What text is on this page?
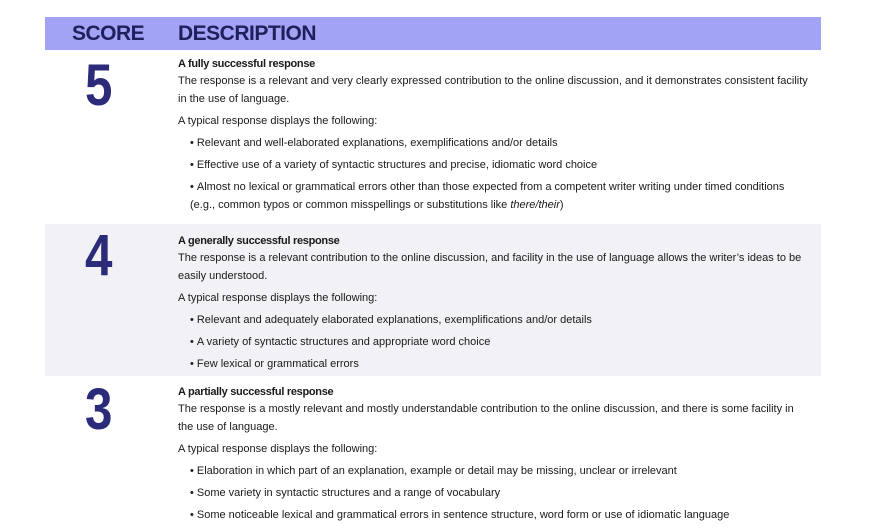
SCORE DESCRIPTION
5	A fully successful response
The response is a relevant and very clearly expressed contribution to the online discussion, and it demonstrates consistent facility in the use of language.
A typical response displays the following:
• Relevant and well-elaborated explanations, exemplifications and/or details
• Effective use of a variety of syntactic structures and precise, idiomatic word choice
• Almost no lexical or grammatical errors other than those expected from a competent writer writing under timed conditions
(e.g., common typos or common misspellings or substitutions like there/their)
4	A generally successful response
The response is a relevant contribution to the online discussion, and facility in the use of language allows the writer’s ideas to be easily understood.
A typical response displays the following:
• Relevant and adequately elaborated explanations, exemplifications and/or details
• A variety of syntactic structures and appropriate word choice
• Few lexical or grammatical errors
3	A partially successful response
The response is a mostly relevant and mostly understandable contribution to the online discussion, and there is some facility in the use of language.
A typical response displays the following:
• Elaboration in which part of an explanation, example or detail may be missing, unclear or irrelevant
• Some variety in syntactic structures and a range of vocabulary
• Some noticeable lexical and grammatical errors in sentence structure, word form or use of idiomatic language
